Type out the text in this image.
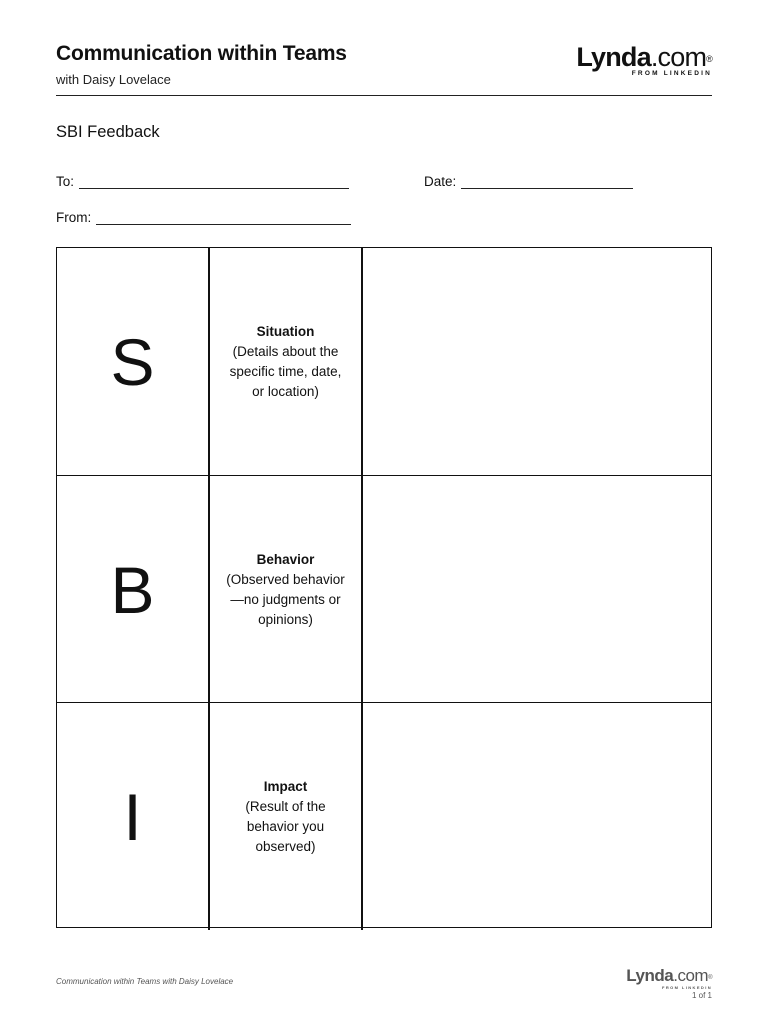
Communication within Teams
with Daisy Lovelace
Lynda.com®
FROM LINKEDIN
SBI Feedback
To:	Date:
From:
S	Situation
(Details about the specific time, date, or location)
B	Behavior
(Observed behavior—no judgments or opinions)
I	Impact
(Result of the behavior you observed)
Communication within Teams with Daisy Lovelace	Lynda.com®
FROM LINKEDIN
1 of 1
